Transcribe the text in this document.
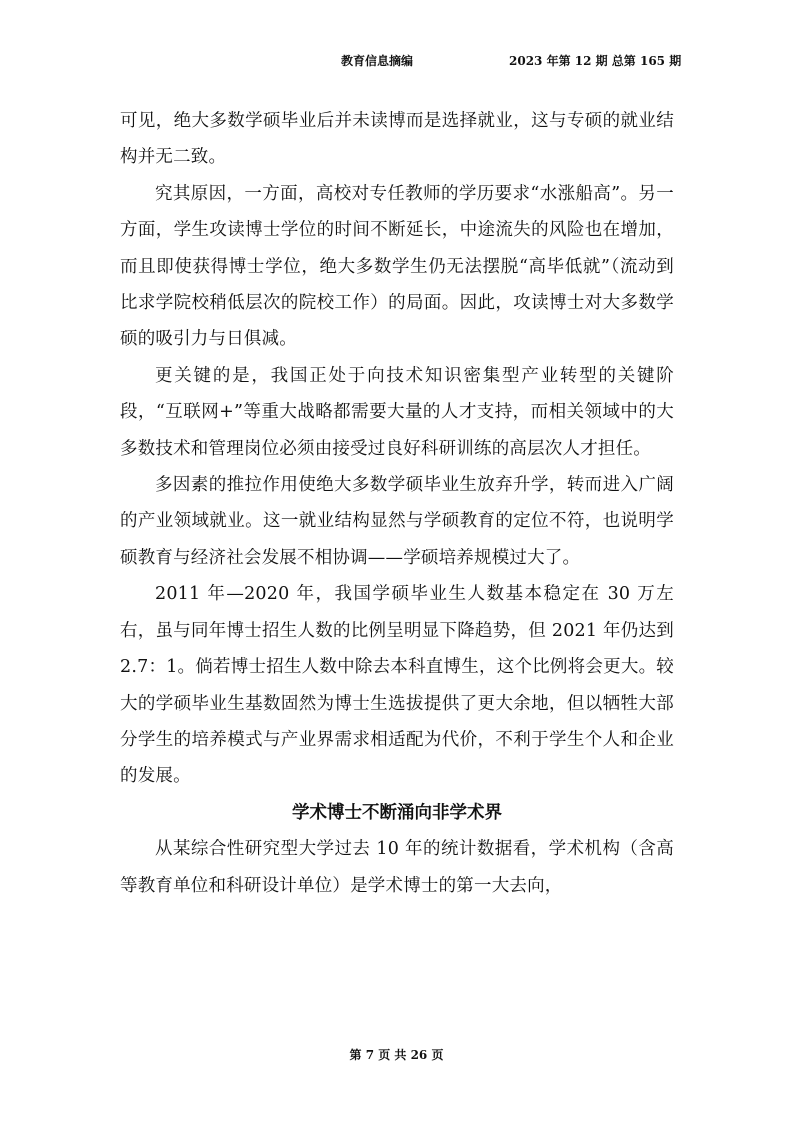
教育信息摘编	2023 年第 12 期 总第 165 期

可见，绝大多数学硕毕业后并未读博而是选择就业，这与专硕的就业结构并无二致。

究其原因，一方面，高校对专任教师的学历要求“水涨船高”。另一方面，学生攻读博士学位的时间不断延长，中途流失的风险也在增加，而且即使获得博士学位，绝大多数学生仍无法摆脱“高毕低就”（流动到比求学院校稍低层次的院校工作）的局面。因此，攻读博士对大多数学硕的吸引力与日俱减。

更关键的是，我国正处于向技术知识密集型产业转型的关键阶段，“互联网+”等重大战略都需要大量的人才支持，而相关领域中的大多数技术和管理岗位必须由接受过良好科研训练的高层次人才担任。

多因素的推拉作用使绝大多数学硕毕业生放弃升学，转而进入广阔的产业领域就业。这一就业结构显然与学硕教育的定位不符，也说明学硕教育与经济社会发展不相协调——学硕培养规模过大了。

2011 年—2020 年，我国学硕毕业生人数基本稳定在 30 万左右，虽与同年博士招生人数的比例呈明显下降趋势，但 2021 年仍达到 2.7：1。倘若博士招生人数中除去本科直博生，这个比例将会更大。较大的学硕毕业生基数固然为博士生选拔提供了更大余地，但以牺牲大部分学生的培养模式与产业界需求相适配为代价，不利于学生个人和企业的发展。

学术博士不断涌向非学术界

从某综合性研究型大学过去 10 年的统计数据看，学术机构（含高等教育单位和科研设计单位）是学术博士的第一大去向，

第 7 页 共 26 页
